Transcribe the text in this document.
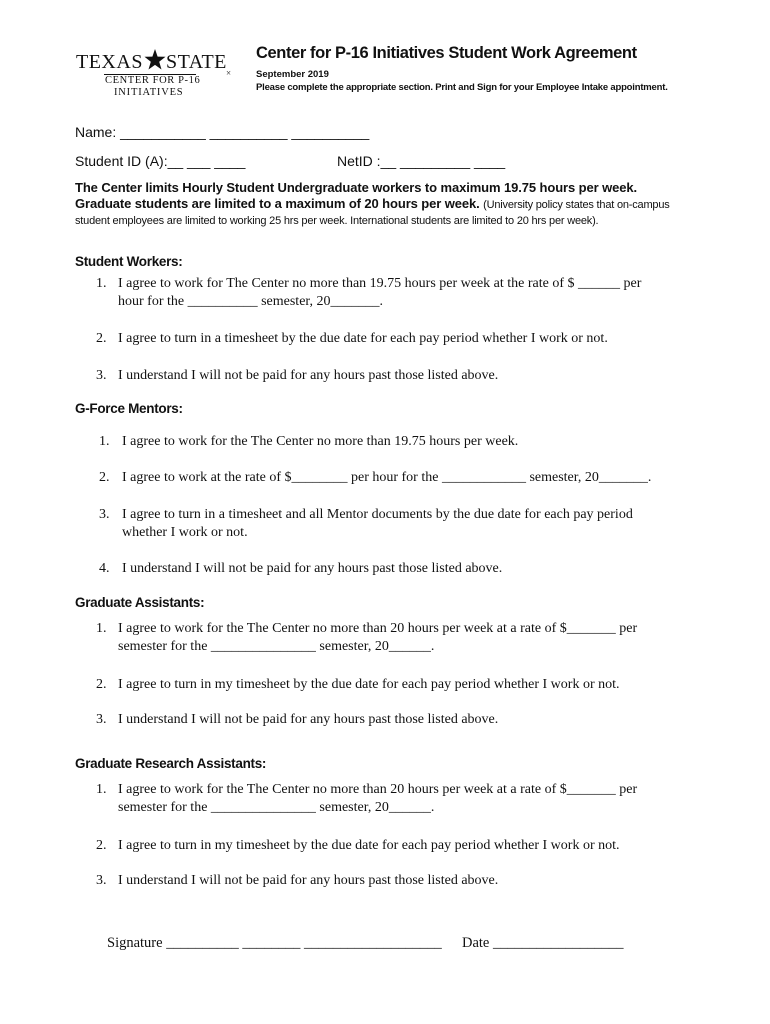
TEXAS STATE
CENTER FOR P-16
INITIATIVES
×
Center for P-16 Initiatives Student Work Agreement
September 2019
Please complete the appropriate section. Print and Sign for your Employee Intake appointment.
Name: ___________ __________ __________
Student ID (A):__ ___ ____	NetID :__ _________ ____
The Center limits Hourly Student Undergraduate workers to maximum 19.75 hours per week.
Graduate students are limited to a maximum of 20 hours per week. (University policy states that on-campus student employees are limited to working 25 hrs per week. International students are limited to 20 hrs per week).
Student Workers:
1. I agree to work for The Center no more than 19.75 hours per week at the rate of $ ______ per
hour for the __________ semester, 20_______.
2. I agree to turn in a timesheet by the due date for each pay period whether I work or not.
3. I understand I will not be paid for any hours past those listed above.
G-Force Mentors:
1. I agree to work for the The Center no more than 19.75 hours per week.
2. I agree to work at the rate of $________ per hour for the ____________ semester, 20_______.
3. I agree to turn in a timesheet and all Mentor documents by the due date for each pay period
whether I work or not.
4. I understand I will not be paid for any hours past those listed above.
Graduate Assistants:
1. I agree to work for the The Center no more than 20 hours per week at a rate of $_______ per
semester for the _______________ semester, 20______.
2. I agree to turn in my timesheet by the due date for each pay period whether I work or not.
3. I understand I will not be paid for any hours past those listed above.
Graduate Research Assistants:
1. I agree to work for the The Center no more than 20 hours per week at a rate of $_______ per
semester for the _______________ semester, 20______.
2. I agree to turn in my timesheet by the due date for each pay period whether I work or not.
3. I understand I will not be paid for any hours past those listed above.
Signature __________ ________ ___________________ Date __________________
